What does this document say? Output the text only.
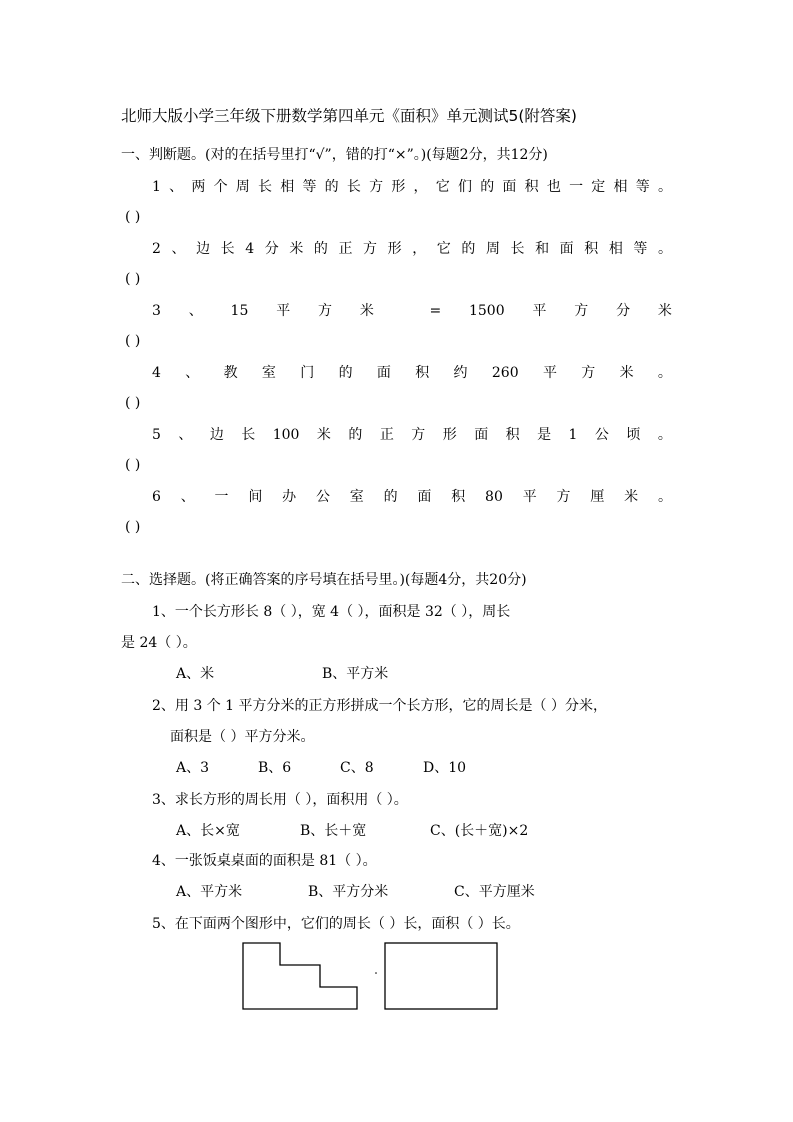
北师大版小学三年级下册数学第四单元《面积》单元测试5(附答案)
一、判断题。(对的在括号里打“√”，错的打“×”。)(每题2分，共12分)
1 、 两 个 周 长 相 等 的 长 方 形 ， 它 们 的 面 积 也 一 定 相 等 。
( )
2 、 边 长 4 分 米 的 正 方 形 ， 它 的 周 长 和 面 积 相 等 。
( )
3 、 15 平 方 米	= 1500 平 方 分 米
( )
4 、 教 室 门 的 面 积 约 260 平 方 米 。
( )
5 、 边 长 100 米 的 正 方 形 面 积 是 1 公 顷 。
( )
6 、 一 间 办 公 室 的 面 积 80 平 方 厘 米 。
( )
二、选择题。(将正确答案的序号填在括号里。)(每题4分，共20分)
1、一个长方形长 8（ ），宽 4（ ），面积是 32（ ），周长
是 24（ ）。
A、米	B、平方米
2、用 3 个 1 平方分米的正方形拼成一个长方形，它的周长是（ ）分米，
面积是（ ）平方分米。
A、3	B、6	C、8	D、10
3、求长方形的周长用（ ），面积用（ ）。
A、长×宽	B、长＋宽	C、(长＋宽)×2
4、一张饭桌桌面的面积是 81（ ）。
A、平方米	B、平方分米	C、平方厘米
5、在下面两个图形中，它们的周长（ ）长，面积（ ）长。
